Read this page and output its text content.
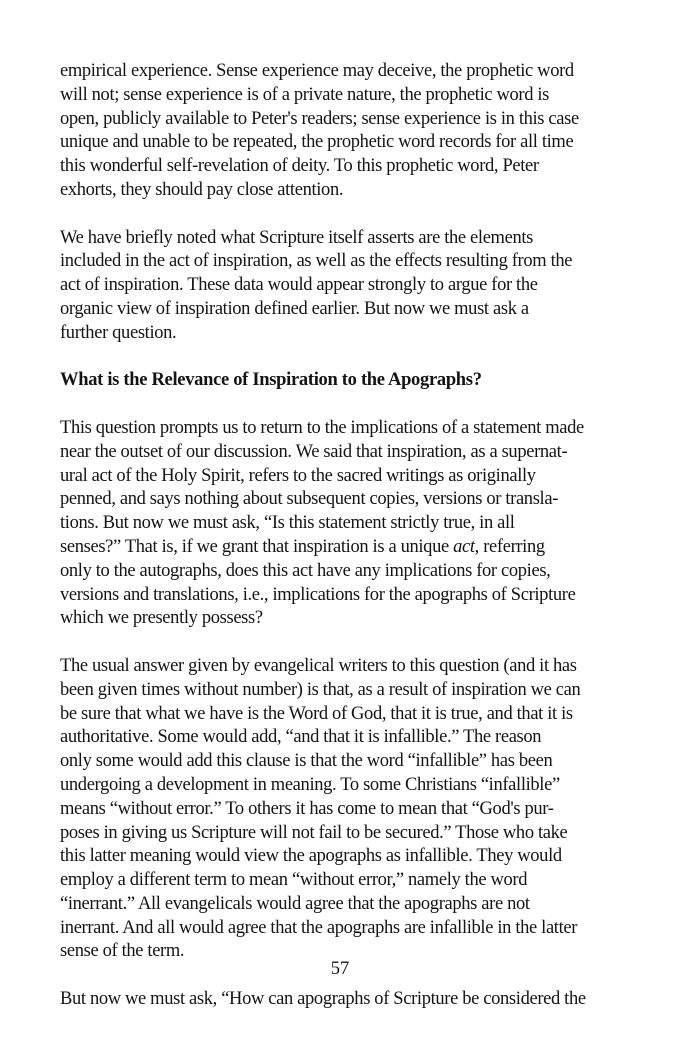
empirical experience. Sense experience may deceive, the prophetic word
will not; sense experience is of a private nature, the prophetic word is
open, publicly available to Peter's readers; sense experience is in this case
unique and unable to be repeated, the prophetic word records for all time
this wonderful self-revelation of deity. To this prophetic word, Peter
exhorts, they should pay close attention.

We have briefly noted what Scripture itself asserts are the elements
included in the act of inspiration, as well as the effects resulting from the
act of inspiration. These data would appear strongly to argue for the
organic view of inspiration defined earlier. But now we must ask a
further question.

What is the Relevance of Inspiration to the Apographs?

This question prompts us to return to the implications of a statement made
near the outset of our discussion. We said that inspiration, as a supernat-
ural act of the Holy Spirit, refers to the sacred writings as originally
penned, and says nothing about subsequent copies, versions or transla-
tions. But now we must ask, “Is this statement strictly true, in all
senses?” That is, if we grant that inspiration is a unique act, referring
only to the autographs, does this act have any implications for copies,
versions and translations, i.e., implications for the apographs of Scripture
which we presently possess?

The usual answer given by evangelical writers to this question (and it has
been given times without number) is that, as a result of inspiration we can
be sure that what we have is the Word of God, that it is true, and that it is
authoritative. Some would add, “and that it is infallible.” The reason
only some would add this clause is that the word “infallible” has been
undergoing a development in meaning. To some Christians “infallible”
means “without error.” To others it has come to mean that “God's pur-
poses in giving us Scripture will not fail to be secured.” Those who take
this latter meaning would view the apographs as infallible. They would
employ a different term to mean “without error,” namely the word
“inerrant.” All evangelicals would agree that the apographs are not
inerrant. And all would agree that the apographs are infallible in the latter
sense of the term.

But now we must ask, “How can apographs of Scripture be considered the

57
